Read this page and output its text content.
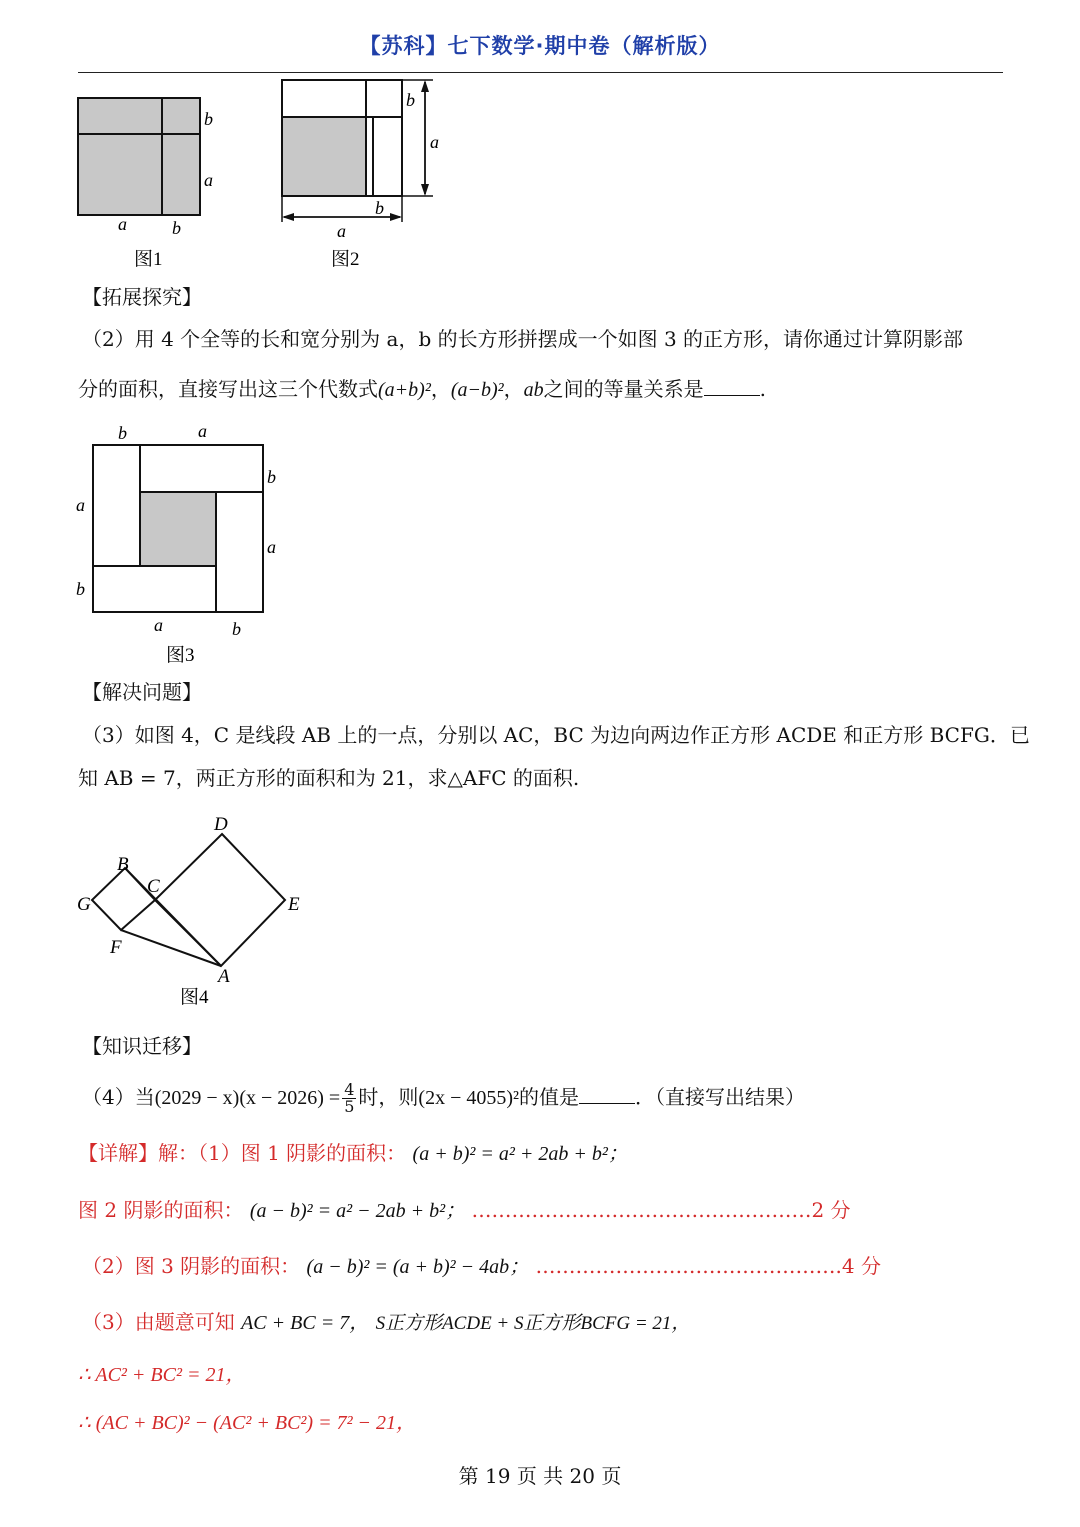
【苏科】七下数学·期中卷（解析版）
b
a
a	b
图1
b
a
b
a
图2
【拓展探究】
（2）用 4 个全等的长和宽分别为 a，b 的长方形拼摆成一个如图 3 的正方形，请你通过计算阴影部
分的面积，直接写出这三个代数式(a+b)²，(a−b)²，ab之间的等量关系是	.
b	a
b
a
a
b
a	b
图3
【解决问题】
（3）如图 4，C 是线段 AB 上的一点，分别以 AC，BC 为边向两边作正方形 ACDE 和正方形 BCFG．已
知 AB = 7，两正方形的面积和为 21，求△AFC 的面积.
D
B
C
G	E
F
A
图4
【知识迁移】
（4）当$(2029 - x)(x - 2026) = \frac{4}{5}$ 时，则(2x − 4055)²的值是	．（直接写出结果）
【详解】解：（1）图 1 阴影的面积： (a + b)² = a² + 2ab + b²；
图 2 阴影的面积： (a − b)² = a² − 2ab + b²； ……………………………………………2 分
（2）图 3 阴影的面积： (a − b)² = (a + b)² − 4ab； ……………………………………….4 分
（3）由题意可知 AC + BC = 7， S正方形ACDE + S正方形BCFG = 21，
∴ AC² + BC² = 21，
∴ (AC + BC)² − (AC² + BC²) = 7² − 21，
第 19 页 共 20 页
